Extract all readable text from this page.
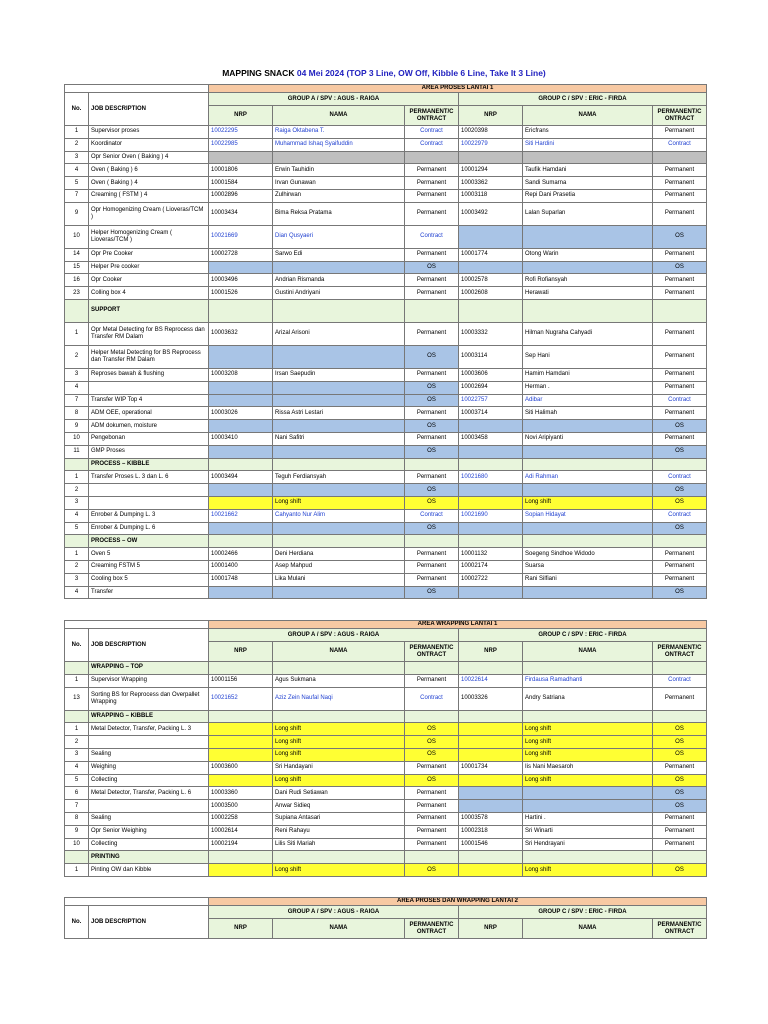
MAPPING SNACK 04 Mei 2024 (TOP 3 Line, OW Off, Kibble 6 Line, Take It 3 Line)
		AREA PROSES LANTAI 1					
No.	JOB DESCRIPTION	GROUP A / SPV : AGUS - RAIGA			GROUP C / SPV : ERIC - FIRDA		
		NRP	NAMA	PERMANENT/C ONTRACT	NRP	NAMA	PERMANENT/C ONTRACT
1	Supervisor proses	10022295	Raiga Oktabena T.	Contract	10020398	Ericfrans	Permanent
2	Koordinator	10022985	Muhammad Ishaq Syaifuddin	Contract	10022979	Siti Hardini	Contract
3	Opr Senior Oven ( Baking ) 4						
4	Oven ( Baking ) 6	10001806	Erwin Tauhidin	Permanent	10001294	Taufik Hamdani	Permanent
5	Oven ( Baking ) 4	10001584	Irvan Gunawan	Permanent	10003362	Sandi Sumarna	Permanent
7	Creaming ( FSTM ) 4	10002896	Zulhirwan	Permanent	10003118	Repi Dani Prasetia	Permanent
9	Opr Homogenizing Cream ( Lioveras/TCM )	10003434	Bima Reksa Pratama	Permanent	10003492	Lalan Suparlan	Permanent
10	Helper Homogenizing Cream ( Lioveras/TCM )	10021669	Dian Qusyaeri	Contract			OS
14	Opr Pre Cooker	10002728	Sarwo Edi	Permanent	10001774	Otong Warin	Permanent
15	Helper Pre cooker			OS			OS
16	Opr Cooker	10003496	Andrian Rismanda	Permanent	10002578	Rofi Rofiansyah	Permanent
23	Colling box 4	10001526	Gustini Andriyani	Permanent	10002608	Herawati	Permanent
	SUPPORT						
1	Opr Metal Detecting for BS Reprocess dan Transfer RM Dalam	10003632	Arizal Arisoni	Permanent	10003332	Hilman Nugraha Cahyadi	Permanent
2	Helper Metal Detecting for BS Reprocess dan Transfer RM Dalam			OS	10003114	Sep Hani	Permanent
3	Reproses bawah & flushing	10003208	Irsan Saepudin	Permanent	10003606	Hamim Hamdani	Permanent
4				OS	10002694	Herman .	Permanent
7	Transfer WIP Top 4			OS	10022757	Adibar	Contract
8	ADM OEE, operational	10003026	Rissa Astri Lestari	Permanent	10003714	Siti Halimah	Permanent
9	ADM dokumen, moisture			OS			OS
10	Pengebonan	10003410	Nani Safitri	Permanent	10003458	Novi Aripiyanti	Permanent
11	GMP Proses			OS			OS
	PROCESS – KIBBLE						
1	Transfer Proses L. 3 dan L. 6	10003494	Teguh Ferdiansyah	Permanent	10021680	Adi Rahman	Contract
2				OS			OS
3			Long shift	OS		Long shift	OS
4	Enrober & Dumping L. 3	10021662	Cahyanto Nur Alim	Contract	10021690	Sopian Hidayat	Contract
5	Enrober & Dumping L. 6			OS			OS
	PROCESS – OW						
1	Oven 5	10002466	Deni Herdiana	Permanent	10001132	Soegeng Sindhoe Widodo	Permanent
2	Creaming FSTM 5	10001400	Asep Mahpud	Permanent	10002174	Suarsa	Permanent
3	Cooling box 5	10001748	Lika Mulani	Permanent	10002722	Rani Silfiani	Permanent
4	Transfer			OS			OS
		AREA WRAPPING LANTAI 1					
No.	JOB DESCRIPTION	GROUP A / SPV : AGUS - RAIGA			GROUP C / SPV : ERIC - FIRDA		
		NRP	NAMA	PERMANENT/C ONTRACT	NRP	NAMA	PERMANENT/C ONTRACT
	WRAPPING – TOP						
1	Supervisor Wrapping	10001156	Agus Sukmana	Permanent	10022614	Firdausa Ramadhanti	Contract
13	Sorting BS for Reprocess dan Overpallet Wrapping	10021652	Aziz Zein Naufal Naqi	Contract	10003326	Andry Satriana	Permanent
	WRAPPING – KIBBLE						
1	Metal Detector, Transfer, Packing L. 3		Long shift	OS		Long shift	OS
2			Long shift	OS		Long shift	OS
3	Sealing		Long shift	OS		Long shift	OS
4	Weighing	10003600	Sri Handayani	Permanent	10001734	Iis Nani Maesaroh	Permanent
5	Collecting		Long shift	OS		Long shift	OS
6	Metal Detector, Transfer, Packing L. 6	10003360	Dani Rudi Setiawan	Permanent			OS
7		10003500	Anwar Sidieq	Permanent			OS
8	Sealing	10002258	Supiana Antasari	Permanent	10003578	Hartini .	Permanent
9	Opr Senior Weighing	10002614	Reni Rahayu	Permanent	10002318	Sri Winarti	Permanent
10	Collecting	10002194	Lilis Siti Mariah	Permanent	10001546	Sri Hendrayani	Permanent
	PRINTING						
1	Pinting OW dan Kibble		Long shift	OS		Long shift	OS
		AREA PROSES DAN WRAPPING LANTAI 2					
No.	JOB DESCRIPTION	GROUP A / SPV : AGUS - RAIGA			GROUP C / SPV : ERIC - FIRDA		
		NRP	NAMA	PERMANENT/C ONTRACT	NRP	NAMA	PERMANENT/C ONTRACT
